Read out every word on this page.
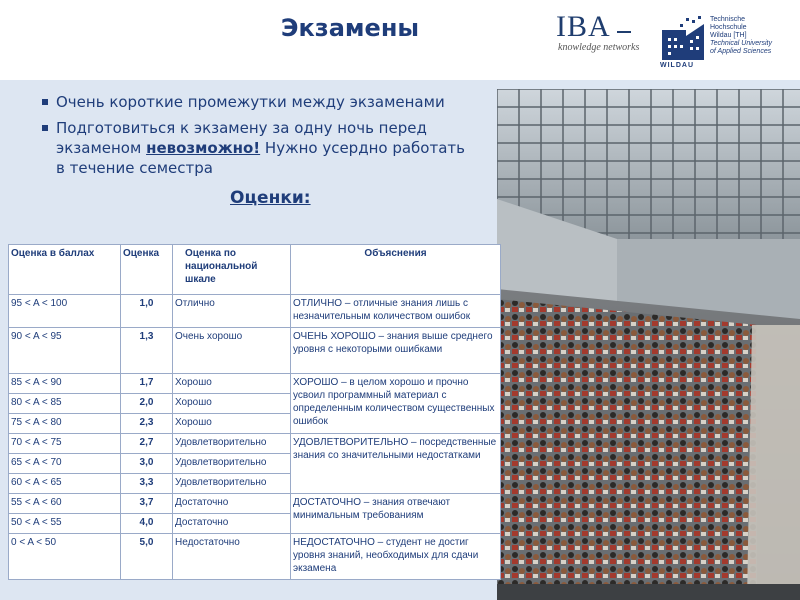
Экзамены	IBA
knowledge networks
Technische
Hochschule
Wildau [TH]
Technical University
of Applied Sciences
WILDAU
Очень короткие промежутки между экзаменами
Подготовиться к экзамену за одну ночь перед экзаменом невозможно! Нужно усердно работать в течение семестра
Оценки:
Оценка в баллах	Оценка	Оценка по национальной шкале	Объяснения
95 < A < 100	1,0	Отлично	ОТЛИЧНО – отличные знания лишь с незначительным количеством ошибок
90 < A < 95	1,3	Очень хорошо	ОЧЕНЬ ХОРОШО – знания выше среднего уровня с некоторыми ошибками
85 < A < 90	1,7	Хорошо	ХОРОШО – в целом хорошо и прочно усвоил программный материал с определенным количеством существенных ошибок
80 < A < 85	2,0	Хорошо	
75 < A < 80	2,3	Хорошо	
70 < A < 75	2,7	Удовлетворительно	УДОВЛЕТВОРИТЕЛЬНО – посредственные знания со значительными недостатками
65 < A < 70	3,0	Удовлетворительно	
60 < A < 65	3,3	Удовлетворительно	
55 < A < 60	3,7	Достаточно	ДОСТАТОЧНО – знания отвечают минимальным требованиям
50 < A < 55	4,0	Достаточно	
0 < A < 50	5,0	Недостаточно	НЕДОСТАТОЧНО – студент не достиг уровня знаний, необходимых для сдачи экзамена
